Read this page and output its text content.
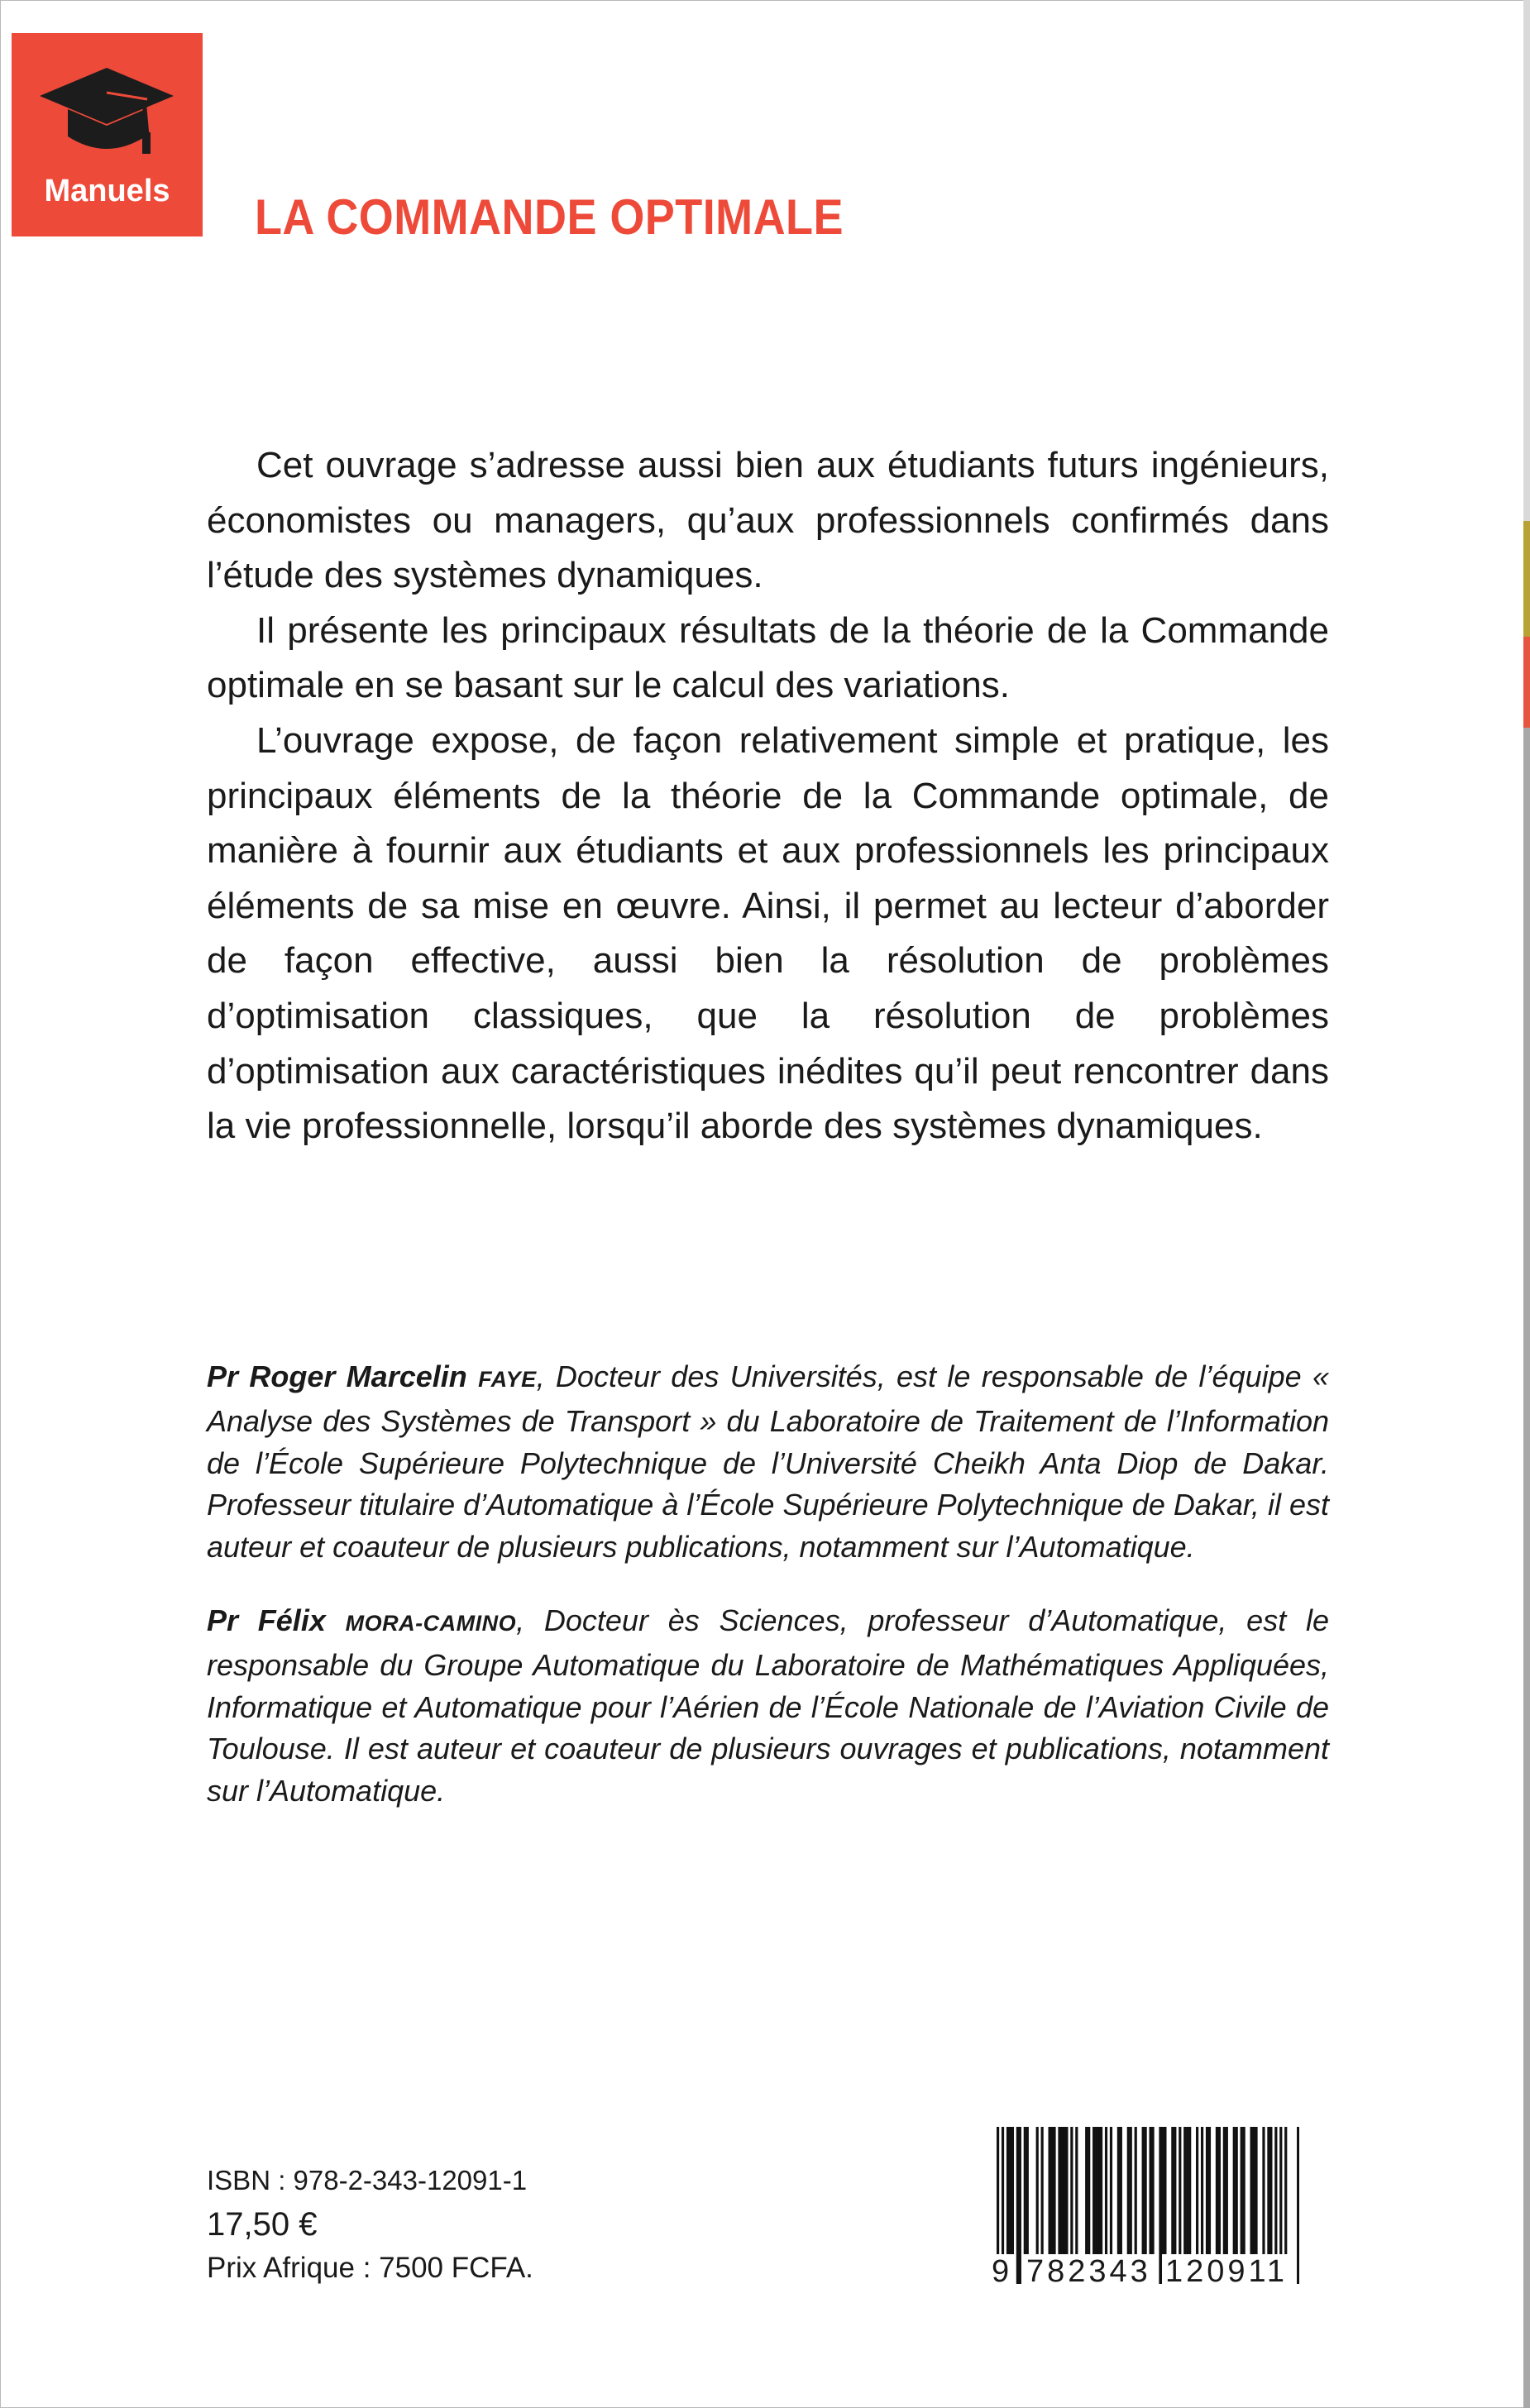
Manuels	LA COMMANDE OPTIMALE

Cet ouvrage s’adresse aussi bien aux étudiants futurs ingénieurs, économistes ou managers, qu’aux professionnels confirmés dans l’étude des systèmes dynamiques.

Il présente les principaux résultats de la théorie de la Commande optimale en se basant sur le calcul des variations.

L’ouvrage expose, de façon relativement simple et pratique, les principaux éléments de la théorie de la Commande optimale, de manière à fournir aux étudiants et aux professionnels les principaux éléments de sa mise en œuvre. Ainsi, il permet au lecteur d’aborder de façon effective, aussi bien la résolution de problèmes d’optimisation classiques, que la résolution de problèmes d’optimisation aux caractéristiques inédites qu’il peut rencontrer dans la vie professionnelle, lorsqu’il aborde des systèmes dynamiques.

Pr Roger Marcelin FAYE, Docteur des Universités, est le responsable de l’équipe « Analyse des Systèmes de Transport » du Laboratoire de Traitement de l’Information de l’École Supérieure Polytechnique de l’Université Cheikh Anta Diop de Dakar. Professeur titulaire d’Automatique à l’École Supérieure Polytechnique de Dakar, il est auteur et coauteur de plusieurs publications, notamment sur l’Automatique.

Pr Félix MORA-CAMINO, Docteur ès Sciences, professeur d’Automatique, est le responsable du Groupe Automatique du Laboratoire de Mathématiques Appliquées, Informatique et Automatique pour l’Aérien de l’École Nationale de l’Aviation Civile de Toulouse. Il est auteur et coauteur de plusieurs ouvrages et publications, notamment sur l’Automatique.

ISBN : 978-2-343-12091-1
17,50 €
Prix Afrique : 7500 FCFA.	9 782343 120911
